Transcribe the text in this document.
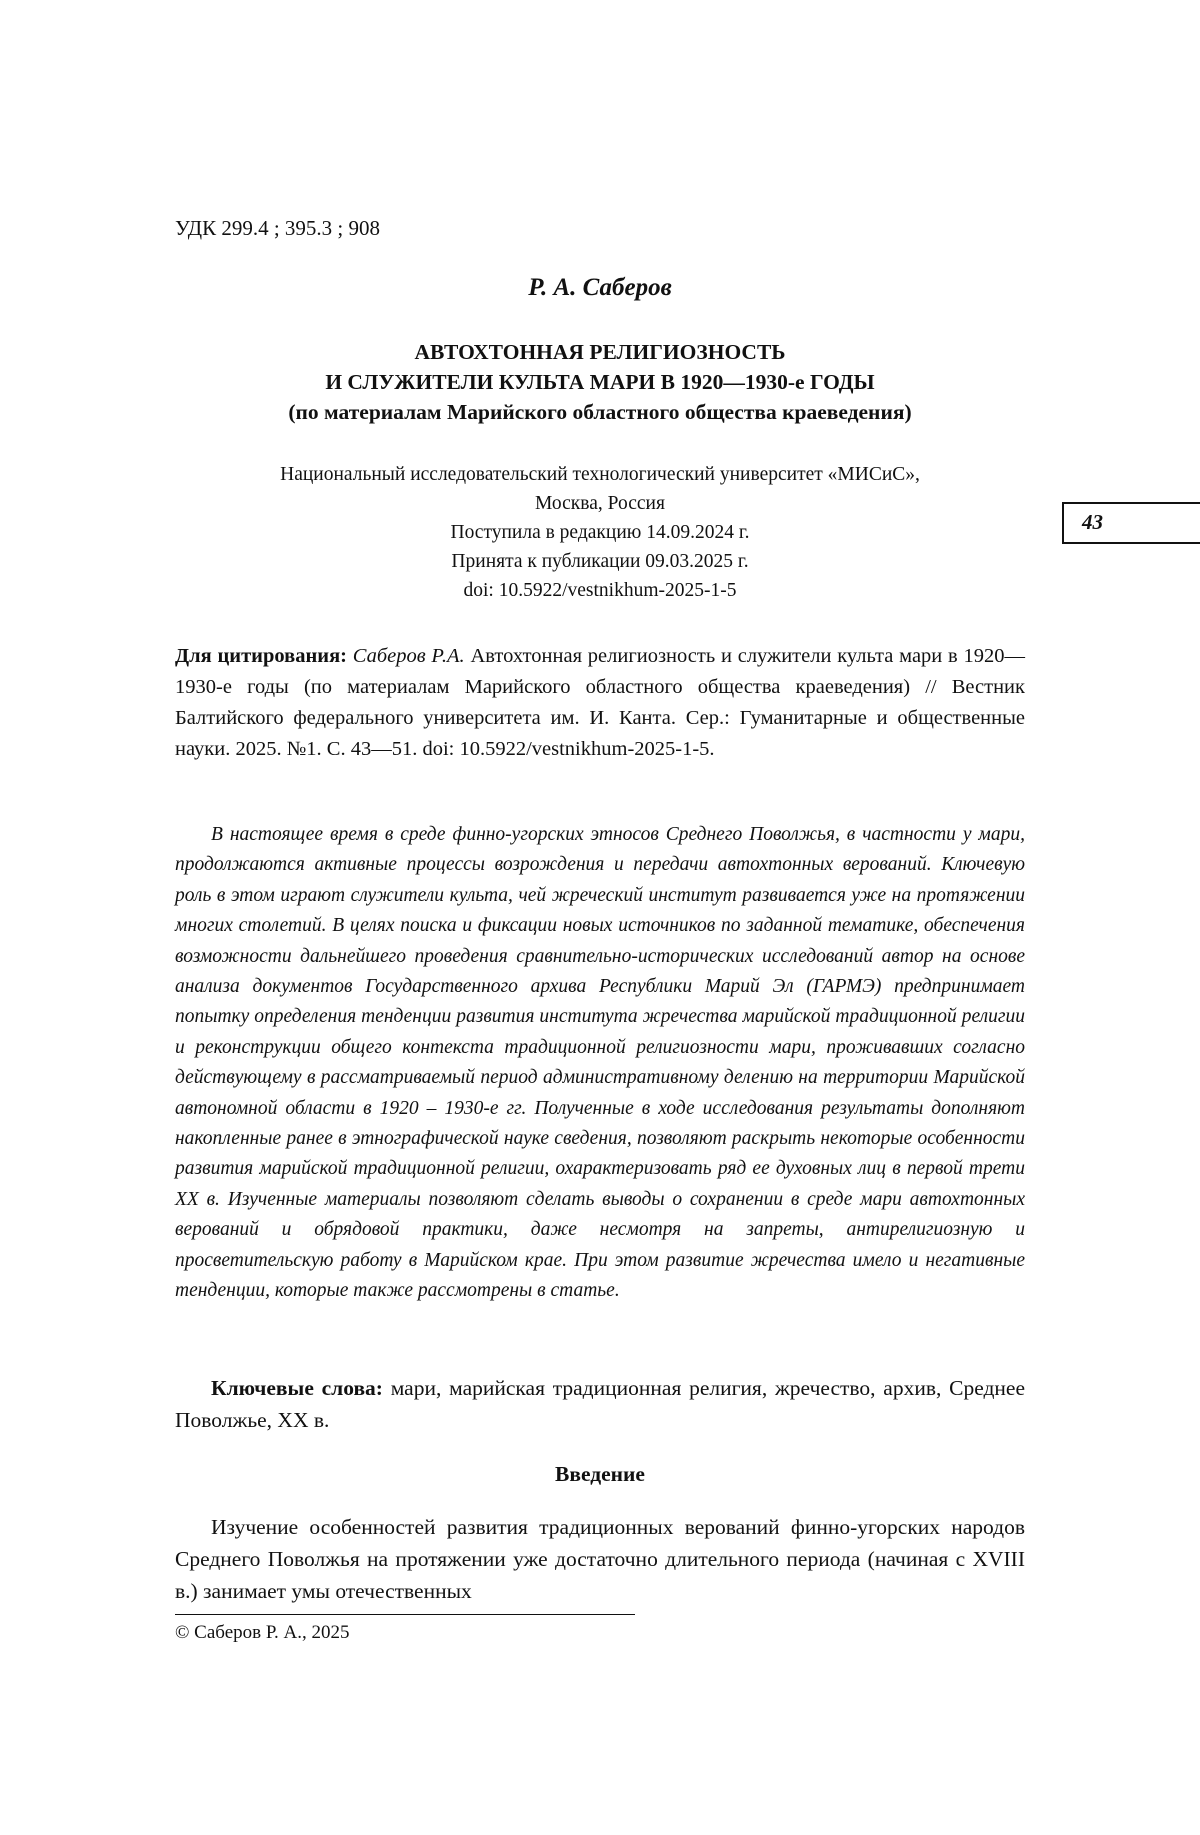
УДК 299.4 ; 395.3 ; 908
Р. А. Саберов
АВТОХТОННАЯ РЕЛИГИОЗНОСТЬ
И СЛУЖИТЕЛИ КУЛЬТА МАРИ В 1920—1930-е ГОДЫ
(по материалам Марийского областного общества краеведения)
Национальный исследовательский технологический университет «МИСиС»,
Москва, Россия
Поступила в редакцию 14.09.2024 г.
Принята к публикации 09.03.2025 г.
doi: 10.5922/vestnikhum-2025-1-5
43
Для цитирования: Саберов Р.А. Автохтонная религиозность и служители культа мари в 1920—1930-е годы (по материалам Марийского областного общества краеведения) // Вестник Балтийского федерального университета им. И. Канта. Сер.: Гуманитарные и общественные науки. 2025. №1. С. 43—51. doi: 10.5922/vestnikhum-2025-1-5.
В настоящее время в среде финно-угорских этносов Среднего Поволжья, в частности у мари, продолжаются активные процессы возрождения и передачи автохтонных верований. Ключевую роль в этом играют служители культа, чей жреческий институт развивается уже на протяжении многих столетий. В целях поиска и фиксации новых источников по заданной тематике, обеспечения возможности дальнейшего проведения сравнительно-исторических исследований автор на основе анализа документов Государственного архива Республики Марий Эл (ГАРМЭ) предпринимает попытку определения тенденции развития института жречества марийской традиционной религии и реконструкции общего контекста традиционной религиозности мари, проживавших согласно действующему в рассматриваемый период административному делению на территории Марийской автономной области в 1920 – 1930-е гг. Полученные в ходе исследования результаты дополняют накопленные ранее в этнографической науке сведения, позволяют раскрыть некоторые особенности развития марийской традиционной религии, охарактеризовать ряд ее духовных лиц в первой трети XX в. Изученные материалы позволяют сделать выводы о сохранении в среде мари автохтонных верований и обрядовой практики, даже несмотря на запреты, антирелигиозную и просветительскую работу в Марийском крае. При этом развитие жречества имело и негативные тенденции, которые также рассмотрены в статье.
Ключевые слова: мари, марийская традиционная религия, жречество, архив, Среднее Поволжье, XX в.
Введение
Изучение особенностей развития традиционных верований финно-угорских народов Среднего Поволжья на протяжении уже достаточно длительного периода (начиная с XVIII в.) занимает умы отечественных
© Саберов Р. А., 2025
